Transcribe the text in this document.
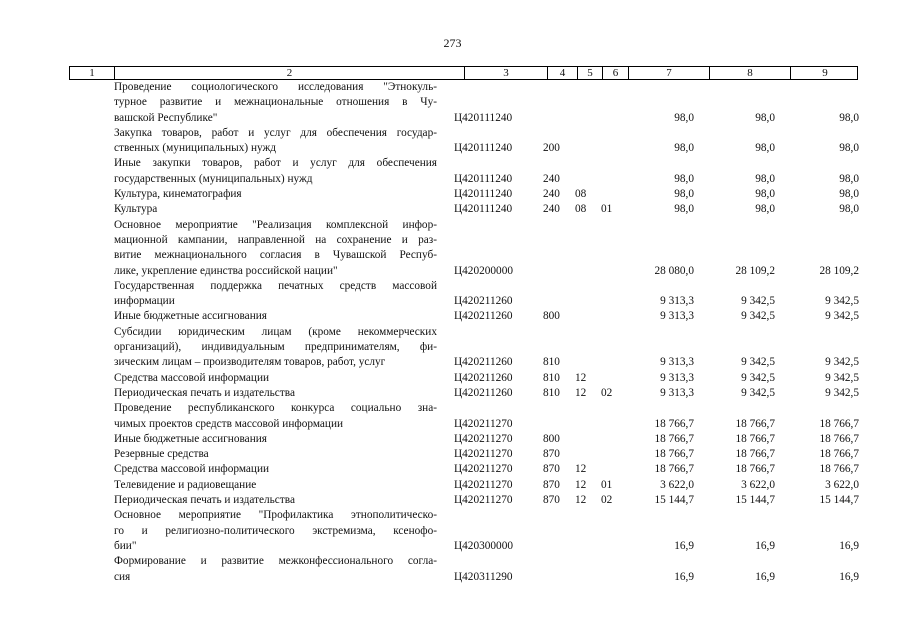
273
1	2	3	4	5	6	7	8	9
Проведение социологического исследования "Этнокуль-
турное развитие и межнациональные отношения в Чу-
вашской Республике"	Ц420111240	98,0	98,0	98,0
Закупка товаров, работ и услуг для обеспечения государ-
ственных (муниципальных) нужд	Ц420111240	200	98,0	98,0	98,0
Иные закупки товаров, работ и услуг для обеспечения
государственных (муниципальных) нужд	Ц420111240	240	98,0	98,0	98,0
Культура, кинематография	Ц420111240	240 08	98,0	98,0	98,0
Культура	Ц420111240	240 08 01	98,0	98,0	98,0
Основное мероприятие "Реализация комплексной инфор-
мационной кампании, направленной на сохранение и раз-
витие межнационального согласия в Чувашской Респуб-
лике, укрепление единства российской нации"	Ц420200000	28 080,0	28 109,2	28 109,2
Государственная поддержка печатных средств массовой
информации	Ц420211260	9 313,3	9 342,5	9 342,5
Иные бюджетные ассигнования	Ц420211260	800	9 313,3	9 342,5	9 342,5
Субсидии юридическим лицам (кроме некоммерческих
организаций), индивидуальным предпринимателям, фи-
зическим лицам – производителям товаров, работ, услуг	Ц420211260	810	9 313,3	9 342,5	9 342,5
Средства массовой информации	Ц420211260	810 12	9 313,3	9 342,5	9 342,5
Периодическая печать и издательства	Ц420211260	810 12 02	9 313,3	9 342,5	9 342,5
Проведение республиканского конкурса социально зна-
чимых проектов средств массовой информации	Ц420211270	18 766,7	18 766,7	18 766,7
Иные бюджетные ассигнования	Ц420211270	800	18 766,7	18 766,7	18 766,7
Резервные средства	Ц420211270	870	18 766,7	18 766,7	18 766,7
Средства массовой информации	Ц420211270	870 12	18 766,7	18 766,7	18 766,7
Телевидение и радиовещание	Ц420211270	870 12 01	3 622,0	3 622,0	3 622,0
Периодическая печать и издательства	Ц420211270	870 12 02	15 144,7	15 144,7	15 144,7
Основное мероприятие "Профилактика этнополитическо-
го и религиозно-политического экстремизма, ксенофо-
бии"	Ц420300000	16,9	16,9	16,9
Формирование и развитие межконфессионального согла-
сия	Ц420311290	16,9	16,9	16,9
